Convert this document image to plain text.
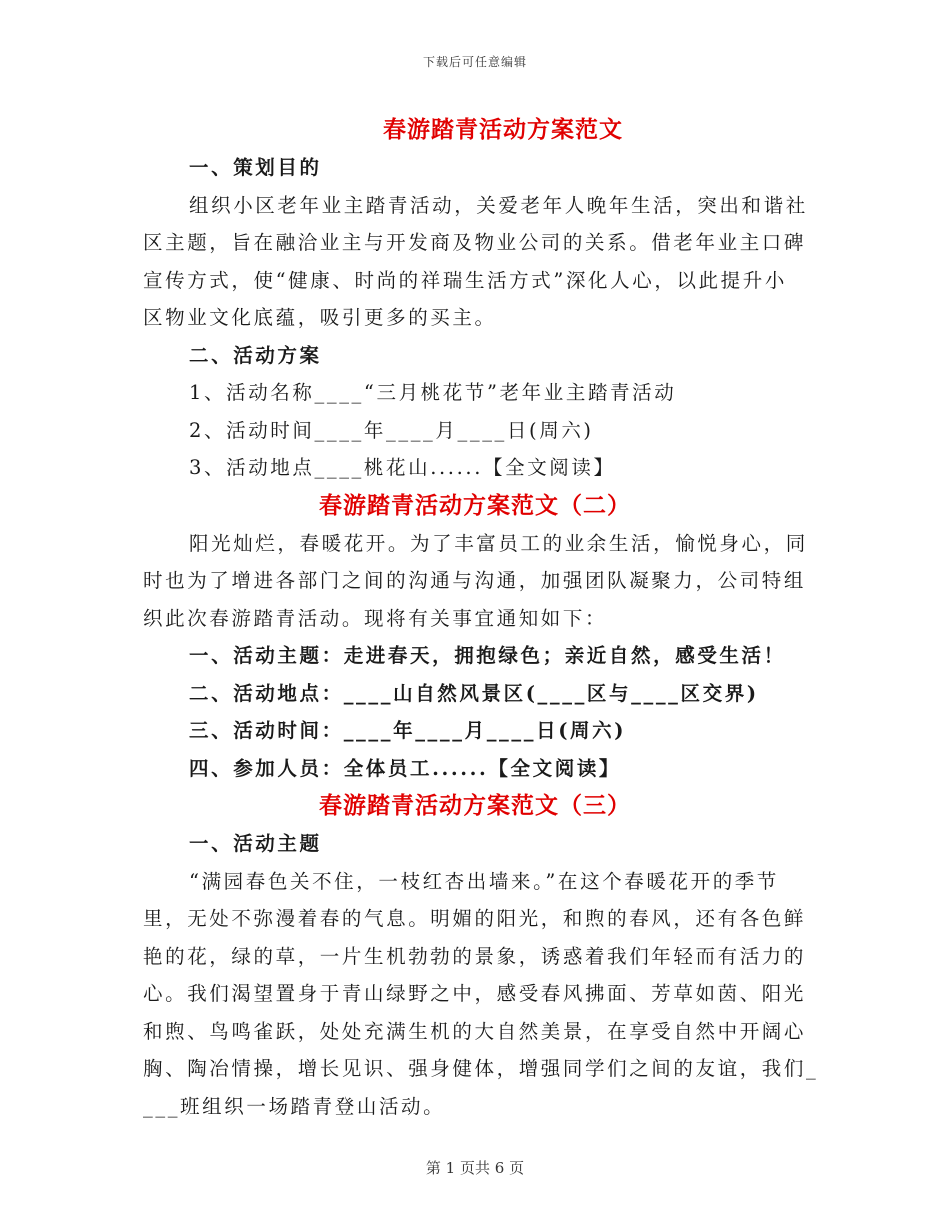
下载后可任意编辑
春游踏青活动方案范文
一、策划目的
组织小区老年业主踏青活动，关爱老年人晚年生活，突出和谐社
区主题，旨在融洽业主与开发商及物业公司的关系。借老年业主口碑
宣传方式，使“健康、时尚的祥瑞生活方式”深化人心，以此提升小
区物业文化底蕴，吸引更多的买主。
二、活动方案
1、活动名称____“三月桃花节”老年业主踏青活动
2、活动时间____年____月____日(周六)
3、活动地点____桃花山......【全文阅读】
春游踏青活动方案范文（二）
阳光灿烂，春暖花开。为了丰富员工的业余生活，愉悦身心，同
时也为了增进各部门之间的沟通与沟通，加强团队凝聚力，公司特组
织此次春游踏青活动。现将有关事宜通知如下：
一、活动主题：走进春天，拥抱绿色；亲近自然，感受生活！
二、活动地点：____山自然风景区(____区与____区交界)
三、活动时间：____年____月____日(周六)
四、参加人员：全体员工......【全文阅读】
春游踏青活动方案范文（三）
一、活动主题
“满园春色关不住，一枝红杏出墙来。”在这个春暖花开的季节
里，无处不弥漫着春的气息。明媚的阳光，和煦的春风，还有各色鲜
艳的花，绿的草，一片生机勃勃的景象，诱惑着我们年轻而有活力的
心。我们渴望置身于青山绿野之中，感受春风拂面、芳草如茵、阳光
和煦、鸟鸣雀跃，处处充满生机的大自然美景，在享受自然中开阔心
胸、陶冶情操，增长见识、强身健体，增强同学们之间的友谊，我们_
___班组织一场踏青登山活动。
第 1 页共 6 页
